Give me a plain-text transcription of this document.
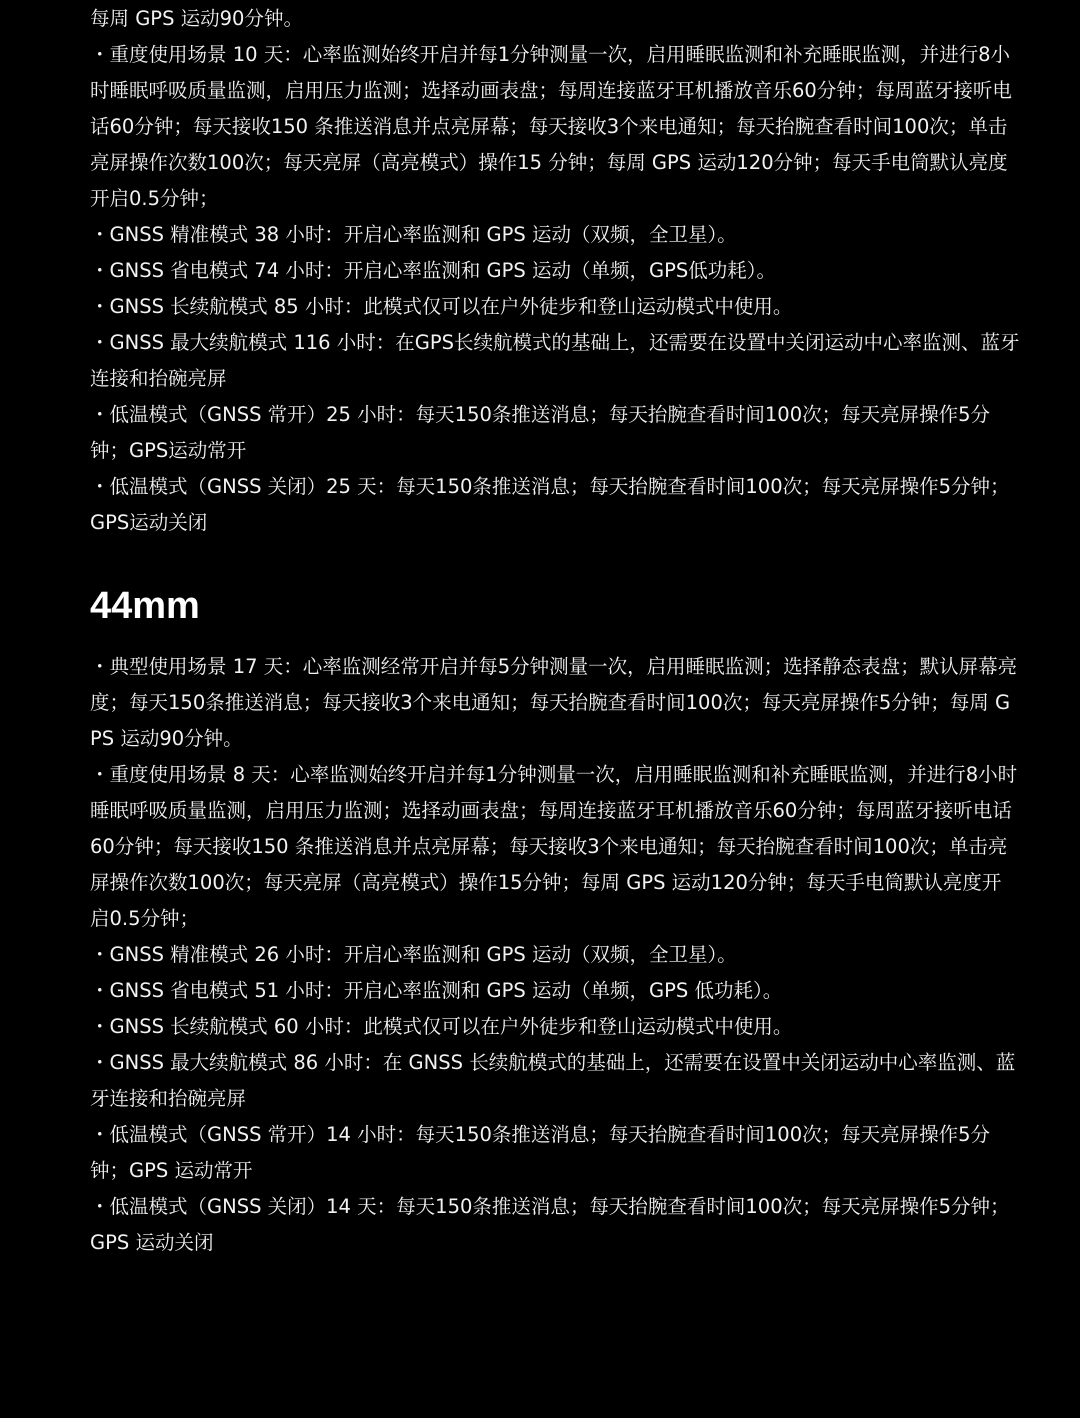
每周 GPS 运动90分钟。

・重度使用场景 10 天：心率监测始终开启并每1分钟测量一次，启用睡眠监测和补充睡眠监测，并进行8小时睡眠呼吸质量监测，启用压力监测；选择动画表盘；每周连接蓝牙耳机播放音乐60分钟；每周蓝牙接听电话60分钟；每天接收150 条推送消息并点亮屏幕；每天接收3个来电通知；每天抬腕查看时间100次；单击亮屏操作次数100次；每天亮屏（高亮模式）操作15 分钟；每周 GPS 运动120分钟；每天手电筒默认亮度开启0.5分钟；

・GNSS 精准模式 38 小时：开启心率监测和 GPS 运动（双频，全卫星）。

・GNSS 省电模式 74 小时：开启心率监测和 GPS 运动（单频，GPS低功耗）。

・GNSS 长续航模式 85 小时：此模式仅可以在户外徒步和登山运动模式中使用。

・GNSS 最大续航模式 116 小时：在GPS长续航模式的基础上，还需要在设置中关闭运动中心率监测、蓝牙连接和抬碗亮屏

・低温模式（GNSS 常开）25 小时：每天150条推送消息；每天抬腕查看时间100次；每天亮屏操作5分钟；GPS运动常开

・低温模式（GNSS 关闭）25 天：每天150条推送消息；每天抬腕查看时间100次；每天亮屏操作5分钟；GPS运动关闭

44mm

・典型使用场景 17 天：心率监测经常开启并每5分钟测量一次，启用睡眠监测；选择静态表盘；默认屏幕亮度；每天150条推送消息；每天接收3个来电通知；每天抬腕查看时间100次；每天亮屏操作5分钟；每周 GPS 运动90分钟。

・重度使用场景 8 天：心率监测始终开启并每1分钟测量一次，启用睡眠监测和补充睡眠监测，并进行8小时睡眠呼吸质量监测，启用压力监测；选择动画表盘；每周连接蓝牙耳机播放音乐60分钟；每周蓝牙接听电话60分钟；每天接收150 条推送消息并点亮屏幕；每天接收3个来电通知；每天抬腕查看时间100次；单击亮屏操作次数100次；每天亮屏（高亮模式）操作15分钟；每周 GPS 运动120分钟；每天手电筒默认亮度开启0.5分钟；

・GNSS 精准模式 26 小时：开启心率监测和 GPS 运动（双频，全卫星）。

・GNSS 省电模式 51 小时：开启心率监测和 GPS 运动（单频，GPS 低功耗）。

・GNSS 长续航模式 60 小时：此模式仅可以在户外徒步和登山运动模式中使用。

・GNSS 最大续航模式 86 小时：在 GNSS 长续航模式的基础上，还需要在设置中关闭运动中心率监测、蓝牙连接和抬碗亮屏

・低温模式（GNSS 常开）14 小时：每天150条推送消息；每天抬腕查看时间100次；每天亮屏操作5分钟；GPS 运动常开

・低温模式（GNSS 关闭）14 天：每天150条推送消息；每天抬腕查看时间100次；每天亮屏操作5分钟；GPS 运动关闭
